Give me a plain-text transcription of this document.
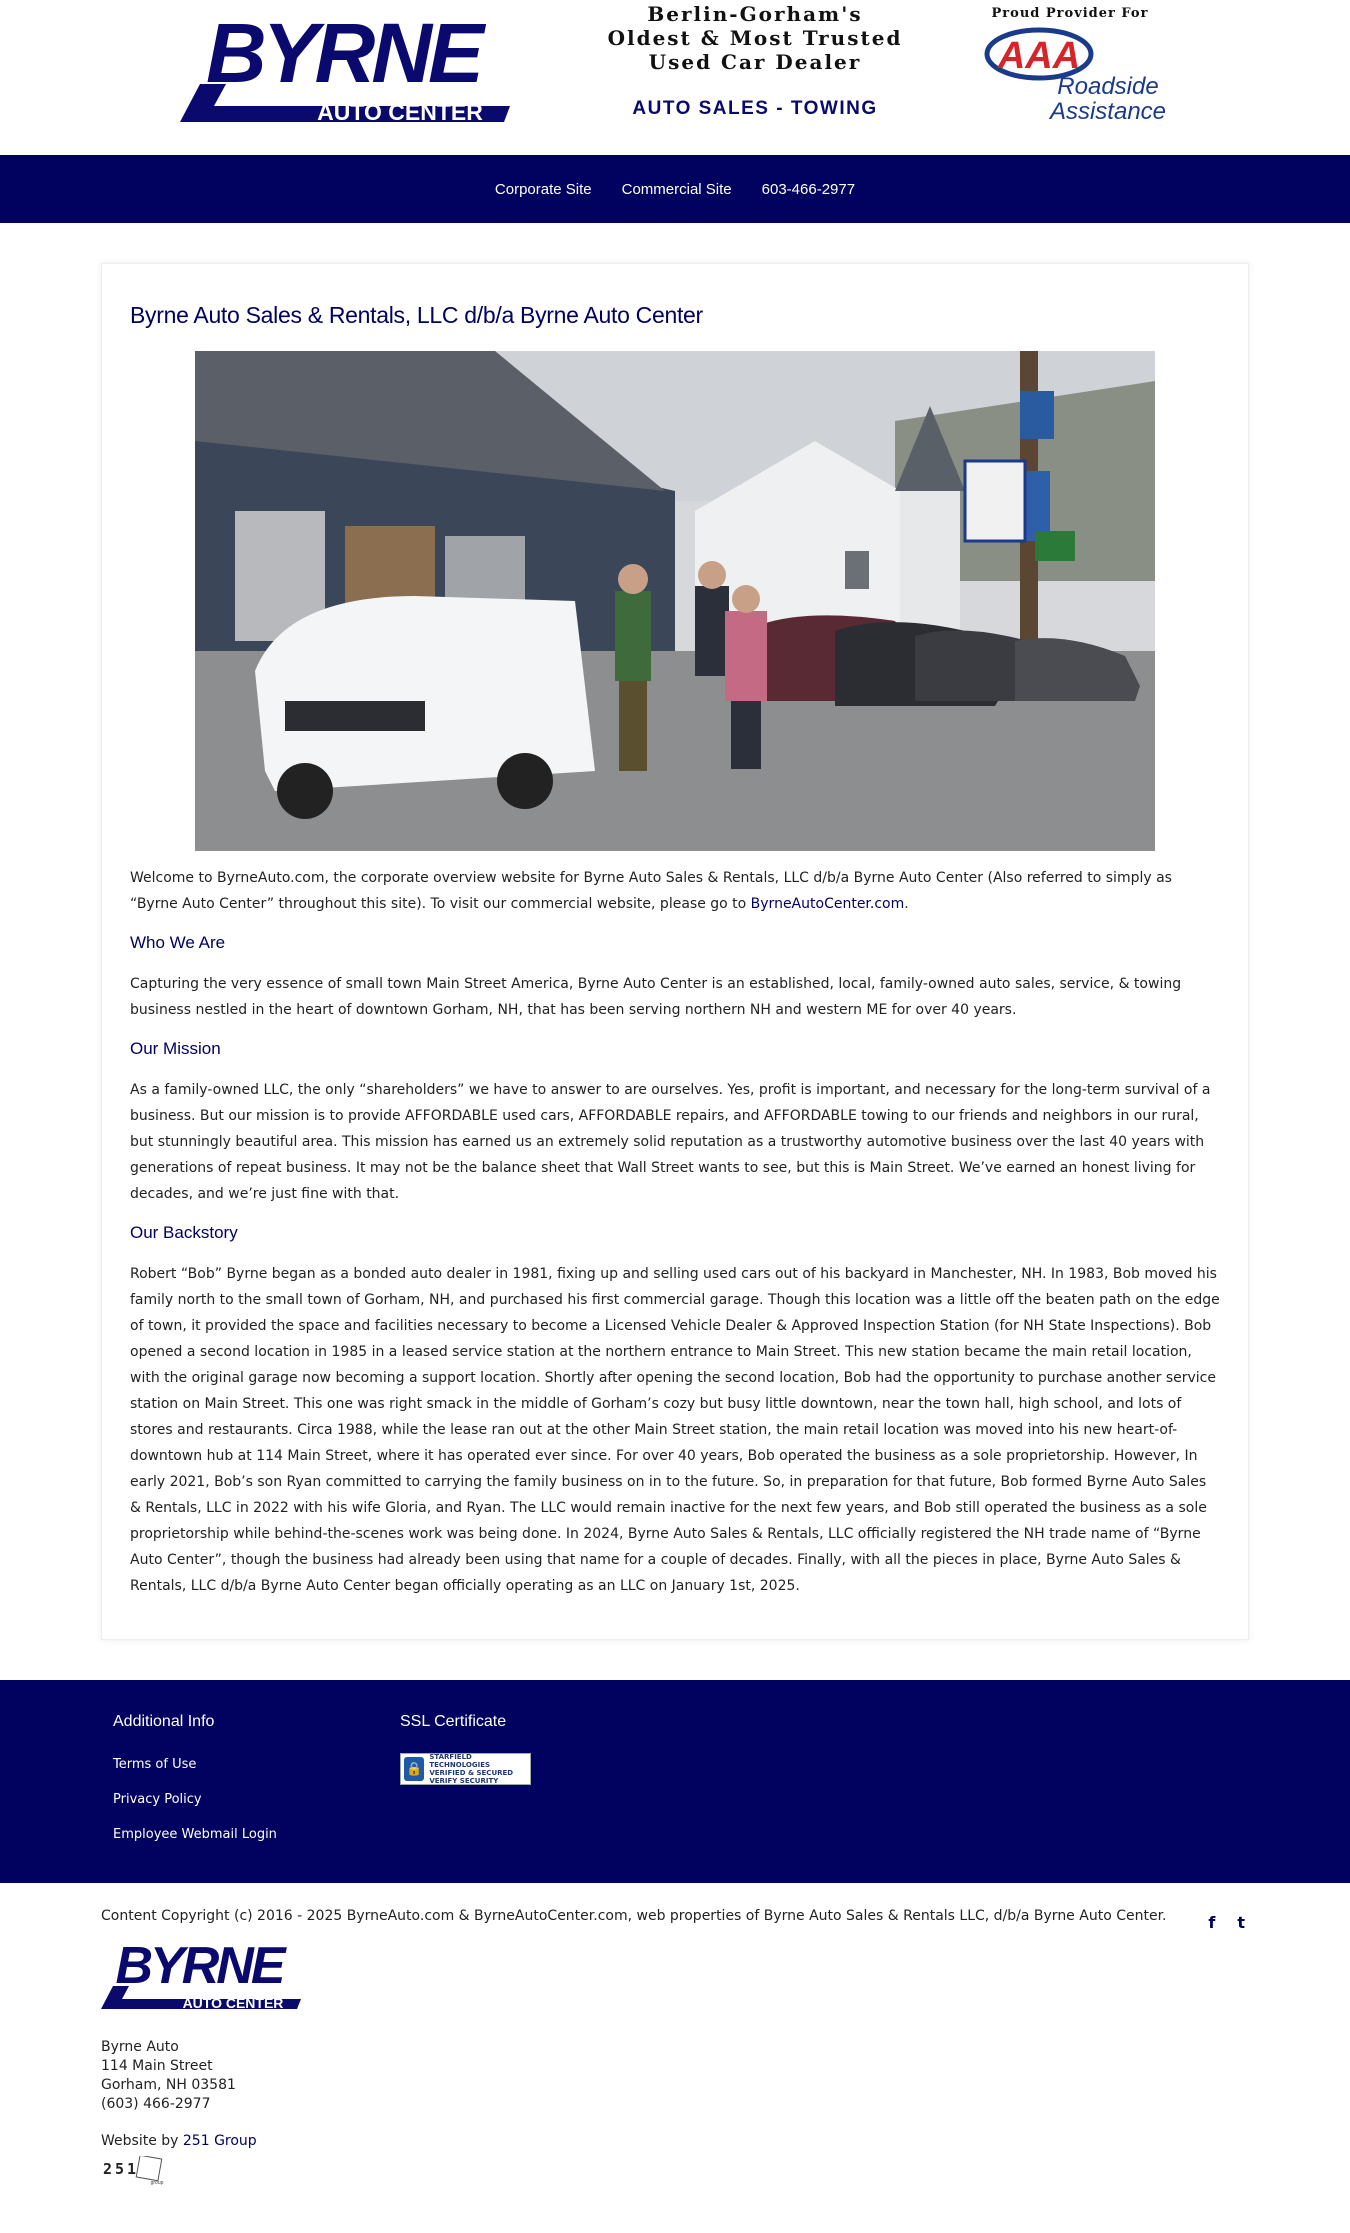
BYRNE
AUTO CENTER
Berlin-Gorham's
Oldest & Most Trusted
Used Car Dealer
AUTO SALES - TOWING
Proud Provider For
AAA
Roadside
Assistance
Corporate Site Commercial Site 603-466-2977
Byrne Auto Sales & Rentals, LLC d/b/a Byrne Auto Center

Welcome to ByrneAuto.com, the corporate overview website for Byrne Auto Sales & Rentals, LLC d/b/a Byrne Auto Center (Also referred to simply as “Byrne Auto Center” throughout this site). To visit our commercial website, please go to ByrneAutoCenter.com.

Who We Are

Capturing the very essence of small town Main Street America, Byrne Auto Center is an established, local, family-owned auto sales, service, & towing business nestled in the heart of downtown Gorham, NH, that has been serving northern NH and western ME for over 40 years.

Our Mission

As a family-owned LLC, the only “shareholders” we have to answer to are ourselves. Yes, profit is important, and necessary for the long-term survival of a business. But our mission is to provide AFFORDABLE used cars, AFFORDABLE repairs, and AFFORDABLE towing to our friends and neighbors in our rural, but stunningly beautiful area. This mission has earned us an extremely solid reputation as a trustworthy automotive business over the last 40 years with generations of repeat business. It may not be the balance sheet that Wall Street wants to see, but this is Main Street. We’ve earned an honest living for decades, and we’re just fine with that.

Our Backstory

Robert “Bob” Byrne began as a bonded auto dealer in 1981, fixing up and selling used cars out of his backyard in Manchester, NH. In 1983, Bob moved his family north to the small town of Gorham, NH, and purchased his first commercial garage. Though this location was a little off the beaten path on the edge of town, it provided the space and facilities necessary to become a Licensed Vehicle Dealer & Approved Inspection Station (for NH State Inspections). Bob opened a second location in 1985 in a leased service station at the northern entrance to Main Street. This new station became the main retail location, with the original garage now becoming a support location. Shortly after opening the second location, Bob had the opportunity to purchase another service station on Main Street. This one was right smack in the middle of Gorham’s cozy but busy little downtown, near the town hall, high school, and lots of stores and restaurants. Circa 1988, while the lease ran out at the other Main Street station, the main retail location was moved into his new heart-of-downtown hub at 114 Main Street, where it has operated ever since. For over 40 years, Bob operated the business as a sole proprietorship. However, In early 2021, Bob’s son Ryan committed to carrying the family business on in to the future. So, in preparation for that future, Bob formed Byrne Auto Sales & Rentals, LLC in 2022 with his wife Gloria, and Ryan. The LLC would remain inactive for the next few years, and Bob still operated the business as a sole proprietorship while behind-the-scenes work was being done. In 2024, Byrne Auto Sales & Rentals, LLC officially registered the NH trade name of “Byrne Auto Center”, though the business had already been using that name for a couple of decades. Finally, with all the pieces in place, Byrne Auto Sales & Rentals, LLC d/b/a Byrne Auto Center began officially operating as an LLC on January 1st, 2025.

Additional Info
Terms of Use
Privacy Policy
Employee Webmail Login
SSL Certificate
🔒
STARFIELD TECHNOLOGIES
VERIFIED & SECURED
VERIFY SECURITY
Content Copyright (c) 2016 - 2025 ByrneAuto.com & ByrneAutoCenter.com, web properties of Byrne Auto Sales & Rentals LLC, d/b/a Byrne Auto Center.	f t
BYRNE
AUTO CENTER
Byrne Auto
114 Main Street
Gorham, NH 03581
(603) 466-2977
Website by 251 Group
251
group
